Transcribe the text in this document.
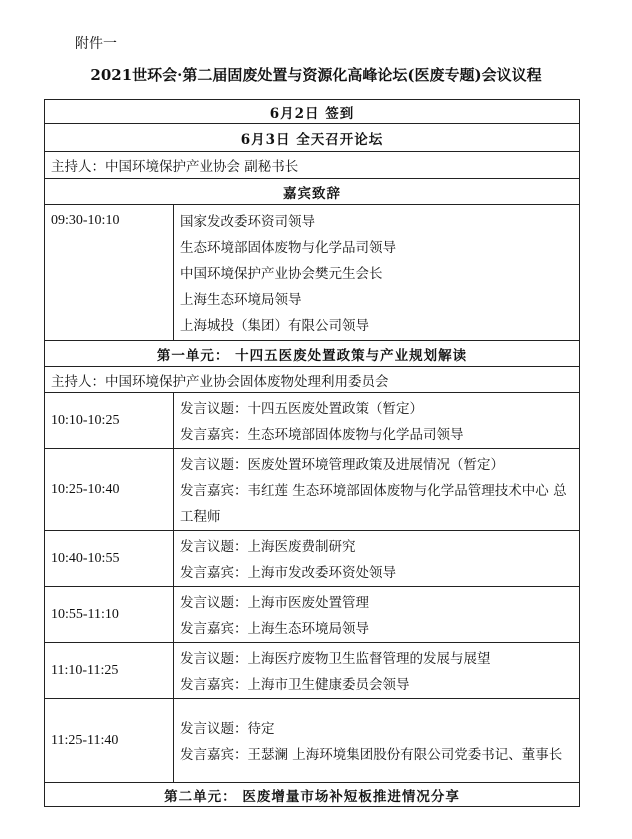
附件一
2021世环会·第二届固废处置与资源化高峰论坛(医废专题)会议议程
6月2日 签到	
6月3日 全天召开论坛	
主持人：中国环境保护产业协会 副秘书长	
嘉宾致辞	
09:30-10:10	国家发改委环资司领导
生态环境部固体废物与化学品司领导
中国环境保护产业协会樊元生会长
上海生态环境局领导
上海城投（集团）有限公司领导

第一单元： 十四五医废处置政策与产业规划解读	
主持人：中国环境保护产业协会固体废物处理利用委员会	
10:10-10:25	发言议题：十四五医废处置政策（暂定）
发言嘉宾：生态环境部固体废物与化学品司领导

10:25-10:40	发言议题：医废处置环境管理政策及进展情况（暂定）
发言嘉宾：韦红莲 生态环境部固体废物与化学品管理技术中心 总工程师

10:40-10:55	发言议题：上海医废费制研究
发言嘉宾：上海市发改委环资处领导

10:55-11:10	发言议题：上海市医废处置管理
发言嘉宾：上海生态环境局领导

11:10-11:25	发言议题：上海医疗废物卫生监督管理的发展与展望
发言嘉宾：上海市卫生健康委员会领导

11:25-11:40	发言议题：待定
发言嘉宾：王瑟澜 上海环境集团股份有限公司党委书记、董事长

第二单元： 医废增量市场补短板推进情况分享	
